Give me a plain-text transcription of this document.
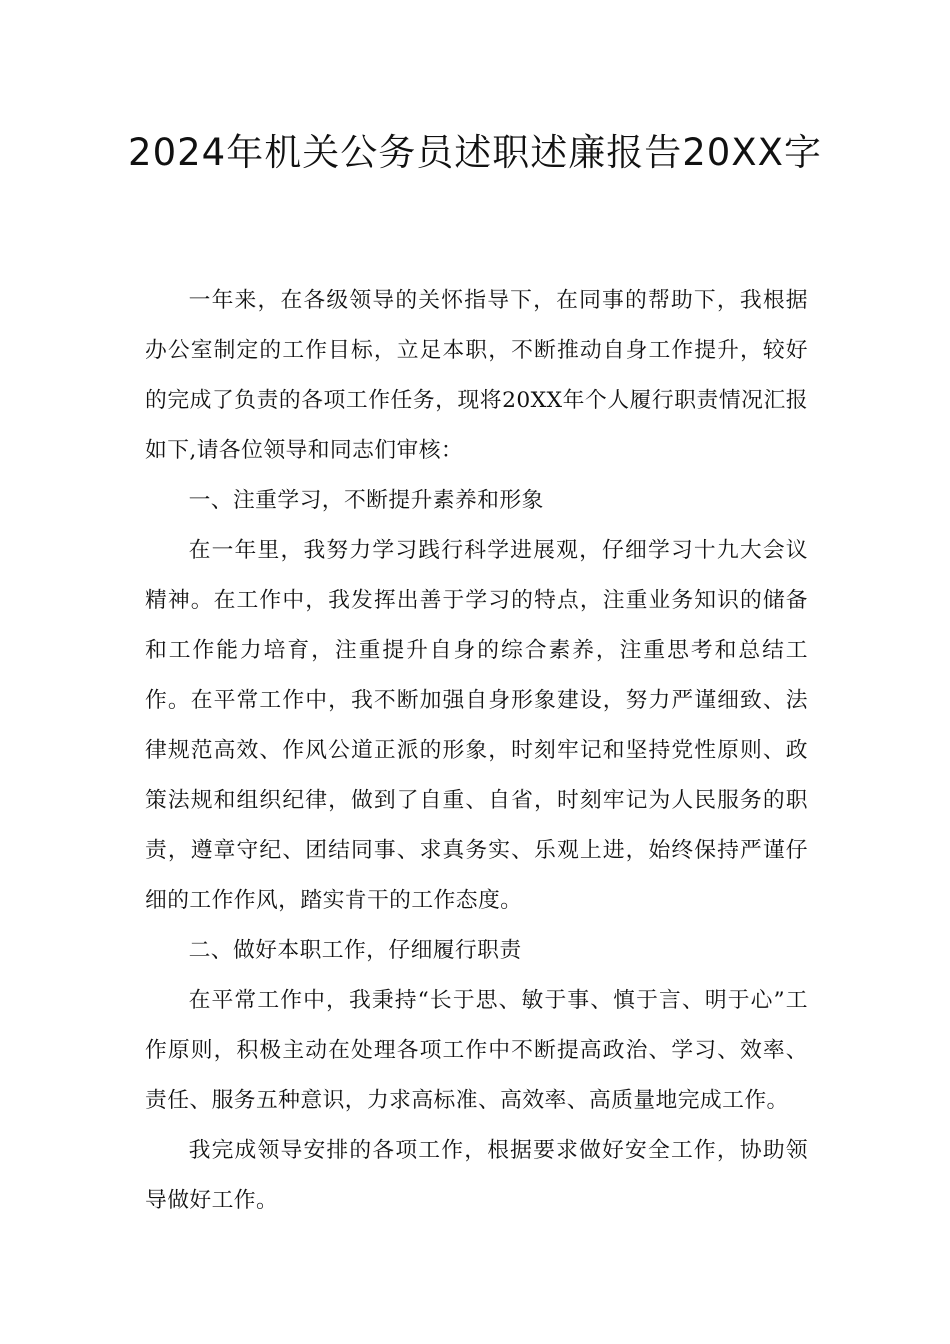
2024年机关公务员述职述廉报告20XX字

一年来，在各级领导的关怀指导下，在同事的帮助下，我根据办公室制定的工作目标，立足本职，不断推动自身工作提升，较好的完成了负责的各项工作任务，现将20XX年个人履行职责情况汇报如下,请各位领导和同志们审核：

一、注重学习，不断提升素养和形象

在一年里，我努力学习践行科学进展观，仔细学习十九大会议精神。在工作中，我发挥出善于学习的特点，注重业务知识的储备和工作能力培育，注重提升自身的综合素养，注重思考和总结工作。在平常工作中，我不断加强自身形象建设，努力严谨细致、法律规范高效、作风公道正派的形象，时刻牢记和坚持党性原则、政策法规和组织纪律，做到了自重、自省，时刻牢记为人民服务的职责，遵章守纪、团结同事、求真务实、乐观上进，始终保持严谨仔细的工作作风，踏实肯干的工作态度。

二、做好本职工作，仔细履行职责

在平常工作中，我秉持“长于思、敏于事、慎于言、明于心”工作原则，积极主动在处理各项工作中不断提高政治、学习、效率、责任、服务五种意识，力求高标准、高效率、高质量地完成工作。

我完成领导安排的各项工作，根据要求做好安全工作，协助领导做好工作。
